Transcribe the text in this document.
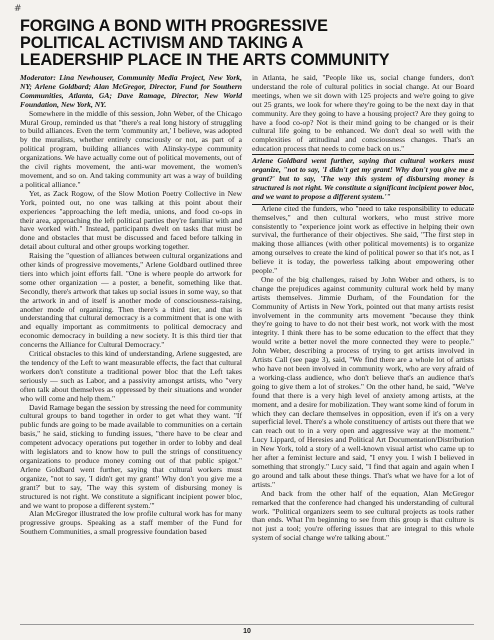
#
FORGING A BOND WITH PROGRESSIVE
POLITICAL ACTIVISM AND TAKING A
LEADERSHIP PLACE IN THE ARTS COMMUNITY

Moderator: Lina Newhouser, Community Media Project, New York, NY; Arlene Goldbard; Alan McGregor, Director, Fund for Southern Communities, Atlanta, GA; Dave Ramage, Director, New World Foundation, New York, NY.

Somewhere in the middle of this session, John Weber, of the Chicago Mural Group, reminded us that "there's a real long history of struggling to build alliances. Even the term 'community art,' I believe, was adopted by the muralists, whether entirely consciously or not, as part of a political program, building alliances with Alinsky-type community organizations. We have actually come out of political movements, out of the civil rights movement, the anti-war movement, the women's movement, and so on. And taking community art was a way of building a political alliance."

Yet, as Zack Rogow, of the Slow Motion Poetry Collective in New York, pointed out, no one was talking at this point about their experiences "approaching the left media, unions, and food co-ops in their area, approaching the left political parties they're familiar with and have worked with." Instead, participants dwelt on tasks that must be done and obstacles that must be discussed and faced before talking in detail about cultural and other groups working together.

Raising the "question of alliances between cultural organizations and other kinds of progressive movements," Arlene Goldbard outlined three tiers into which joint efforts fall. "One is where people do artwork for some other organization — a poster, a benefit, something like that. Secondly, there's artwork that takes up social issues in some way, so that the artwork in and of itself is another mode of consciousness-raising, another mode of organizing. Then there's a third tier, and that is understanding that cultural democracy is a commitment that is one with and equally important as commitments to political democracy and economic democracy in building a new society. It is this third tier that concerns the Alliance for Cultural Democracy."

Critical obstacles to this kind of understanding, Arlene suggested, are the tendency of the Left to want measurable effects, the fact that cultural workers don't constitute a traditional power bloc that the Left takes seriously — such as Labor, and a passivity amongst artists, who "very often talk about themselves as oppressed by their situations and wonder who will come and help them."

David Ramage began the session by stressing the need for community cultural groups to band together in order to get what they want. "If public funds are going to be made available to communities on a certain basis," he said, sticking to funding issues, "there have to be clear and competent advocacy operations put together in order to lobby and deal with legislators and to know how to pull the strings of constituency organizations to produce money coming out of that public spigot." Arlene Goldbard went further, saying that cultural workers must organize, "not to say, 'I didn't get my grant!' Why don't you give me a grant?' but to say, 'The way this system of disbursing money is structured is not right. We constitute a significant incipient power bloc, and we want to propose a different system.'"

Alan McGregor illustrated the low profile cultural work has for many progressive groups. Speaking as a staff member of the Fund for Southern Communities, a small progressive foundation based

in Atlanta, he said, "People like us, social change funders, don't understand the role of cultural politics in social change. At our Board meetings, when we sit down with 125 projects and we're going to give out 25 grants, we look for where they're going to be the next day in that community. Are they going to have a housing project? Are they going to have a food co-op? Not is their mind going to be changed or is their cultural life going to be enhanced. We don't deal so well with the complexities of attitudinal and consciousness changes. That's an education process that needs to come back on us."

Arlene Goldbard went further, saying that cultural workers must organize, "not to say, 'I didn't get my grant! Why don't you give me a grant?' but to say, 'The way this system of disbursing money is structured is not right. We constitute a significant incipient power bloc, and we want to propose a different system.'"

Arlene cited the funders, who "need to take responsibility to educate themselves," and then cultural workers, who must strive more consistently to "experience joint work as effective in helping their own survival, the furtherance of their objectives. She said, "The first step in making those alliances (with other political movements) is to organize among ourselves to create the kind of political power so that it's not, as I believe it is today, the powerless talking about empowering other people."

One of the big challenges, raised by John Weber and others, is to change the prejudices against community cultural work held by many artists themselves. Jimmie Durham, of the Foundation for the Community of Artists in New York, pointed out that many artists resist involvement in the community arts movement "because they think they're going to have to do not their best work, not work with the most integrity. I think there has to be some education to the effect that they would write a better novel the more connected they were to people." John Weber, describing a process of trying to get artists involved in Artists Call (see page 3), said, "We find there are a whole lot of artists who have not been involved in community work, who are very afraid of a working-class audience, who don't believe that's an audience that's going to give them a lot of strokes." On the other hand, he said, "We've found that there is a very high level of anxiety among artists, at the moment, and a desire for mobilization. They want some kind of forum in which they can declare themselves in opposition, even if it's on a very superficial level. There's a whole constituency of artists out there that we can reach out to in a very open and aggressive way at the moment." Lucy Lippard, of Heresies and Political Art Documentation/Distribution in New York, told a story of a well-known visual artist who came up to her after a feminist lecture and said, "I envy you. I wish I believed in something that strongly." Lucy said, "I find that again and again when I go around and talk about these things. That's what we have for a lot of artists."

And back from the other half of the equation, Alan McGregor remarked that the conference had changed his understanding of cultural work. "Political organizers seem to see cultural projects as tools rather than ends. What I'm beginning to see from this group is that culture is not just a tool; you're offering issues that are integral to this whole system of social change we're talking about."

10
